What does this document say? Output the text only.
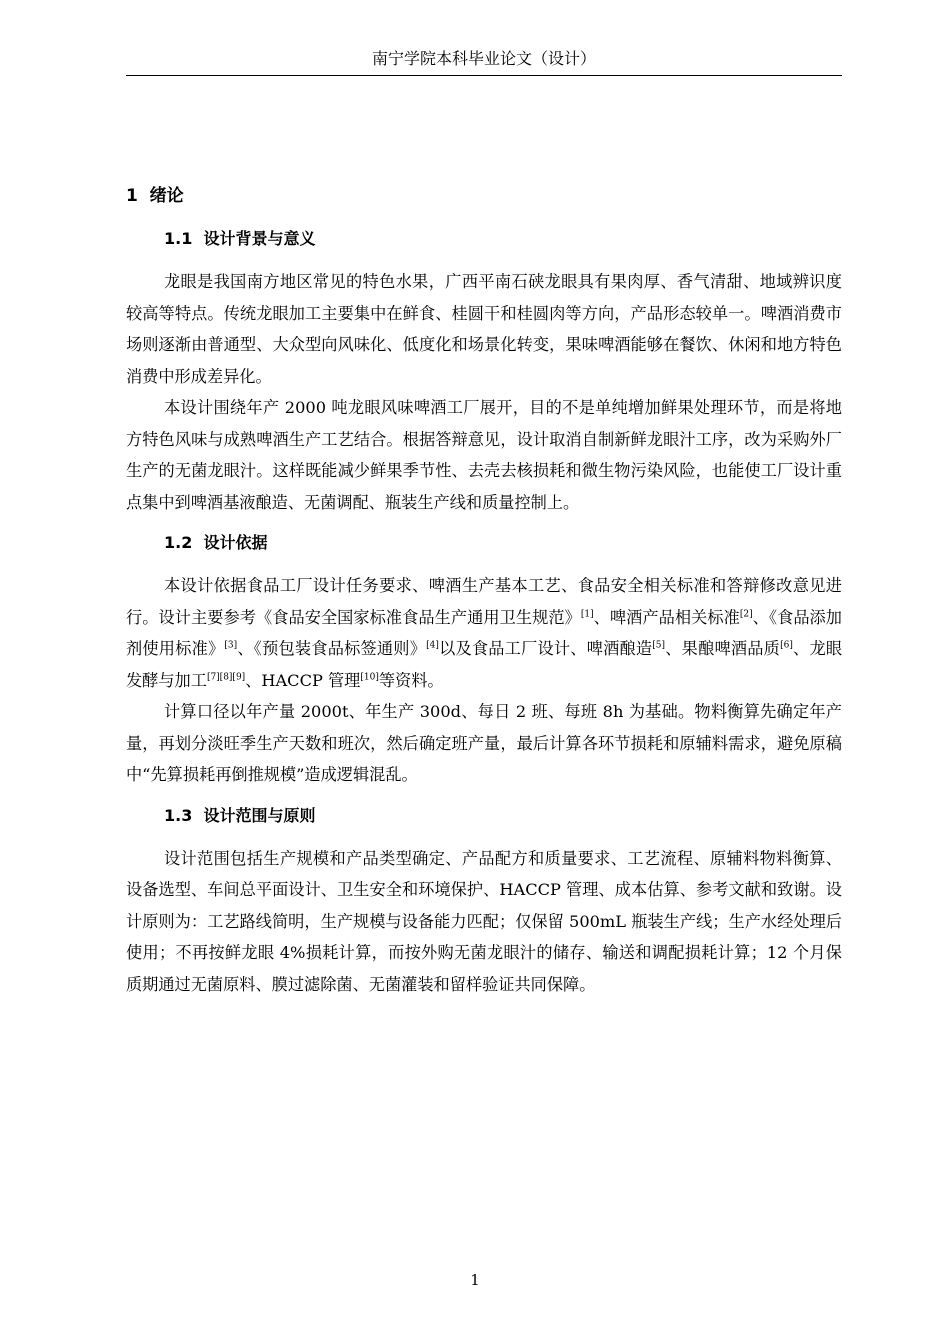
南宁学院本科毕业论文（设计）
1  绪论
1.1  设计背景与意义

龙眼是我国南方地区常见的特色水果，广西平南石硖龙眼具有果肉厚、香气清甜、地域辨识度较高等特点。传统龙眼加工主要集中在鲜食、桂圆干和桂圆肉等方向，产品形态较单一。啤酒消费市场则逐渐由普通型、大众型向风味化、低度化和场景化转变，果味啤酒能够在餐饮、休闲和地方特色消费中形成差异化。

本设计围绕年产 2000 吨龙眼风味啤酒工厂展开，目的不是单纯增加鲜果处理环节，而是将地方特色风味与成熟啤酒生产工艺结合。根据答辩意见，设计取消自制新鲜龙眼汁工序，改为采购外厂生产的无菌龙眼汁。这样既能减少鲜果季节性、去壳去核损耗和微生物污染风险，也能使工厂设计重点集中到啤酒基液酿造、无菌调配、瓶装生产线和质量控制上。

1.2  设计依据

本设计依据食品工厂设计任务要求、啤酒生产基本工艺、食品安全相关标准和答辩修改意见进行。设计主要参考《食品安全国家标准食品生产通用卫生规范》[1]、啤酒产品相关标准[2]、《食品添加剂使用标准》[3]、《预包装食品标签通则》[4]以及食品工厂设计、啤酒酿造[5]、果酿啤酒品质[6]、龙眼发酵与加工[7][8][9]、HACCP 管理[10]等资料。

计算口径以年产量 2000t、年生产 300d、每日 2 班、每班 8h 为基础。物料衡算先确定年产量，再划分淡旺季生产天数和班次，然后确定班产量，最后计算各环节损耗和原辅料需求，避免原稿中“先算损耗再倒推规模”造成逻辑混乱。

1.3  设计范围与原则

设计范围包括生产规模和产品类型确定、产品配方和质量要求、工艺流程、原辅料物料衡算、设备选型、车间总平面设计、卫生安全和环境保护、HACCP 管理、成本估算、参考文献和致谢。设计原则为：工艺路线简明，生产规模与设备能力匹配；仅保留 500mL 瓶装生产线；生产水经处理后使用；不再按鲜龙眼 4%损耗计算，而按外购无菌龙眼汁的储存、输送和调配损耗计算；12 个月保质期通过无菌原料、膜过滤除菌、无菌灌装和留样验证共同保障。

1
